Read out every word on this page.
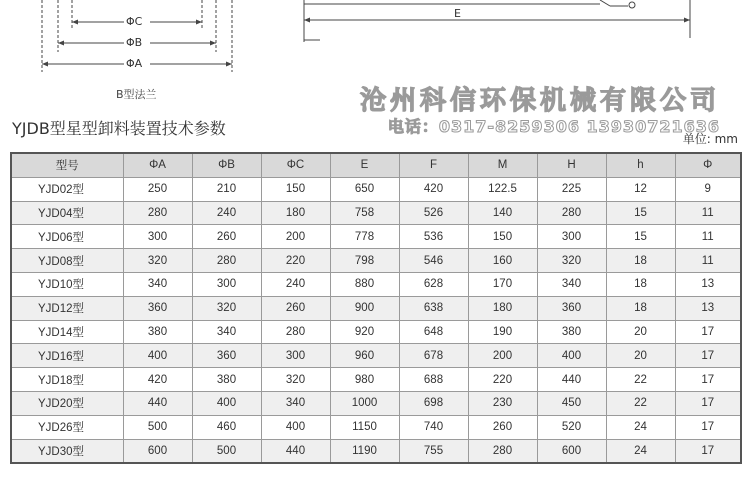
ΦC
ΦB
ΦA
E
B型法兰	沧州科信环保机械有限公司
电话：0317-8259306 13930721636
YJDB型星型卸料装置技术参数
单位: mm
型号	ΦA	ΦB	ΦC	E	F	M	H	h	Φ
YJD02型	250	210	150	650	420	122.5	225	12	9
YJD04型	280	240	180	758	526	140	280	15	11
YJD06型	300	260	200	778	536	150	300	15	11
YJD08型	320	280	220	798	546	160	320	18	11
YJD10型	340	300	240	880	628	170	340	18	13
YJD12型	360	320	260	900	638	180	360	18	13
YJD14型	380	340	280	920	648	190	380	20	17
YJD16型	400	360	300	960	678	200	400	20	17
YJD18型	420	380	320	980	688	220	440	22	17
YJD20型	440	400	340	1000	698	230	450	22	17
YJD26型	500	460	400	1150	740	260	520	24	17
YJD30型	600	500	440	1190	755	280	600	24	17
